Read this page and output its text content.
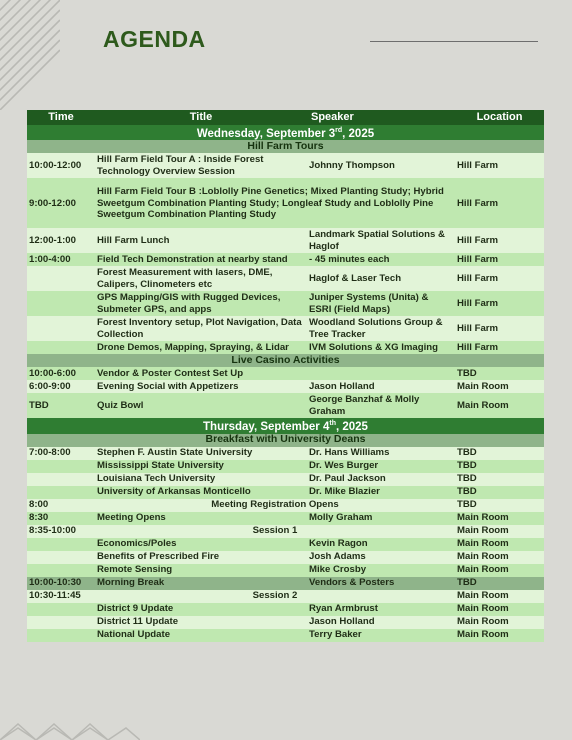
AGENDA
Time	Title	Speaker	Location
Wednesday, September 3rd, 2025			
Hill Farm Tours			
10:00-12:00	Hill Farm Field Tour A : Inside Forest Technology Overview Session	Johnny Thompson	Hill Farm
9:00-12:00	Hill Farm Field Tour B :Loblolly Pine Genetics; Mixed Planting Study; Hybrid Sweetgum Combination Planting Study; Longleaf Study and Loblolly Pine Sweetgum Combination Planting Study		Hill Farm
12:00-1:00	Hill Farm Lunch	Landmark Spatial Solutions & Haglof	Hill Farm
1:00-4:00	Field Tech Demonstration at nearby stand	- 45 minutes each	Hill Farm
	Forest Measurement with lasers, DME, Calipers, Clinometers etc	Haglof & Laser Tech	Hill Farm
	GPS Mapping/GIS with Rugged Devices, Submeter GPS, and apps	Juniper Systems (Unita) & ESRI (Field Maps)	Hill Farm
	Forest Inventory setup, Plot Navigation, Data Collection	Woodland Solutions Group & Tree Tracker	Hill Farm
	Drone Demos, Mapping, Spraying, & Lidar	IVM Solutions & XG Imaging	Hill Farm
Live Casino Activities			
10:00-6:00	Vendor & Poster Contest Set Up		TBD
6:00-9:00	Evening Social with Appetizers	Jason Holland	Main Room
TBD	Quiz Bowl	George Banzhaf & Molly Graham	Main Room
Thursday, September 4th, 2025			
Breakfast with University Deans			
7:00-8:00	Stephen F. Austin State University	Dr. Hans Williams	TBD
	Mississippi State University	Dr. Wes Burger	TBD
	Louisiana Tech University	Dr. Paul Jackson	TBD
	University of Arkansas Monticello	Dr. Mike Blazier	TBD
8:00	Meeting Registration Opens		TBD
8:30	Meeting Opens	Molly Graham	Main Room
8:35-10:00	Session 1		Main Room
	Economics/Poles	Kevin Ragon	Main Room
	Benefits of Prescribed Fire	Josh Adams	Main Room
	Remote Sensing	Mike Crosby	Main Room
10:00-10:30	Morning Break	Vendors & Posters	TBD
10:30-11:45	Session 2		Main Room
	District 9 Update	Ryan Armbrust	Main Room
	District 11 Update	Jason Holland	Main Room
	National Update	Terry Baker	Main Room
